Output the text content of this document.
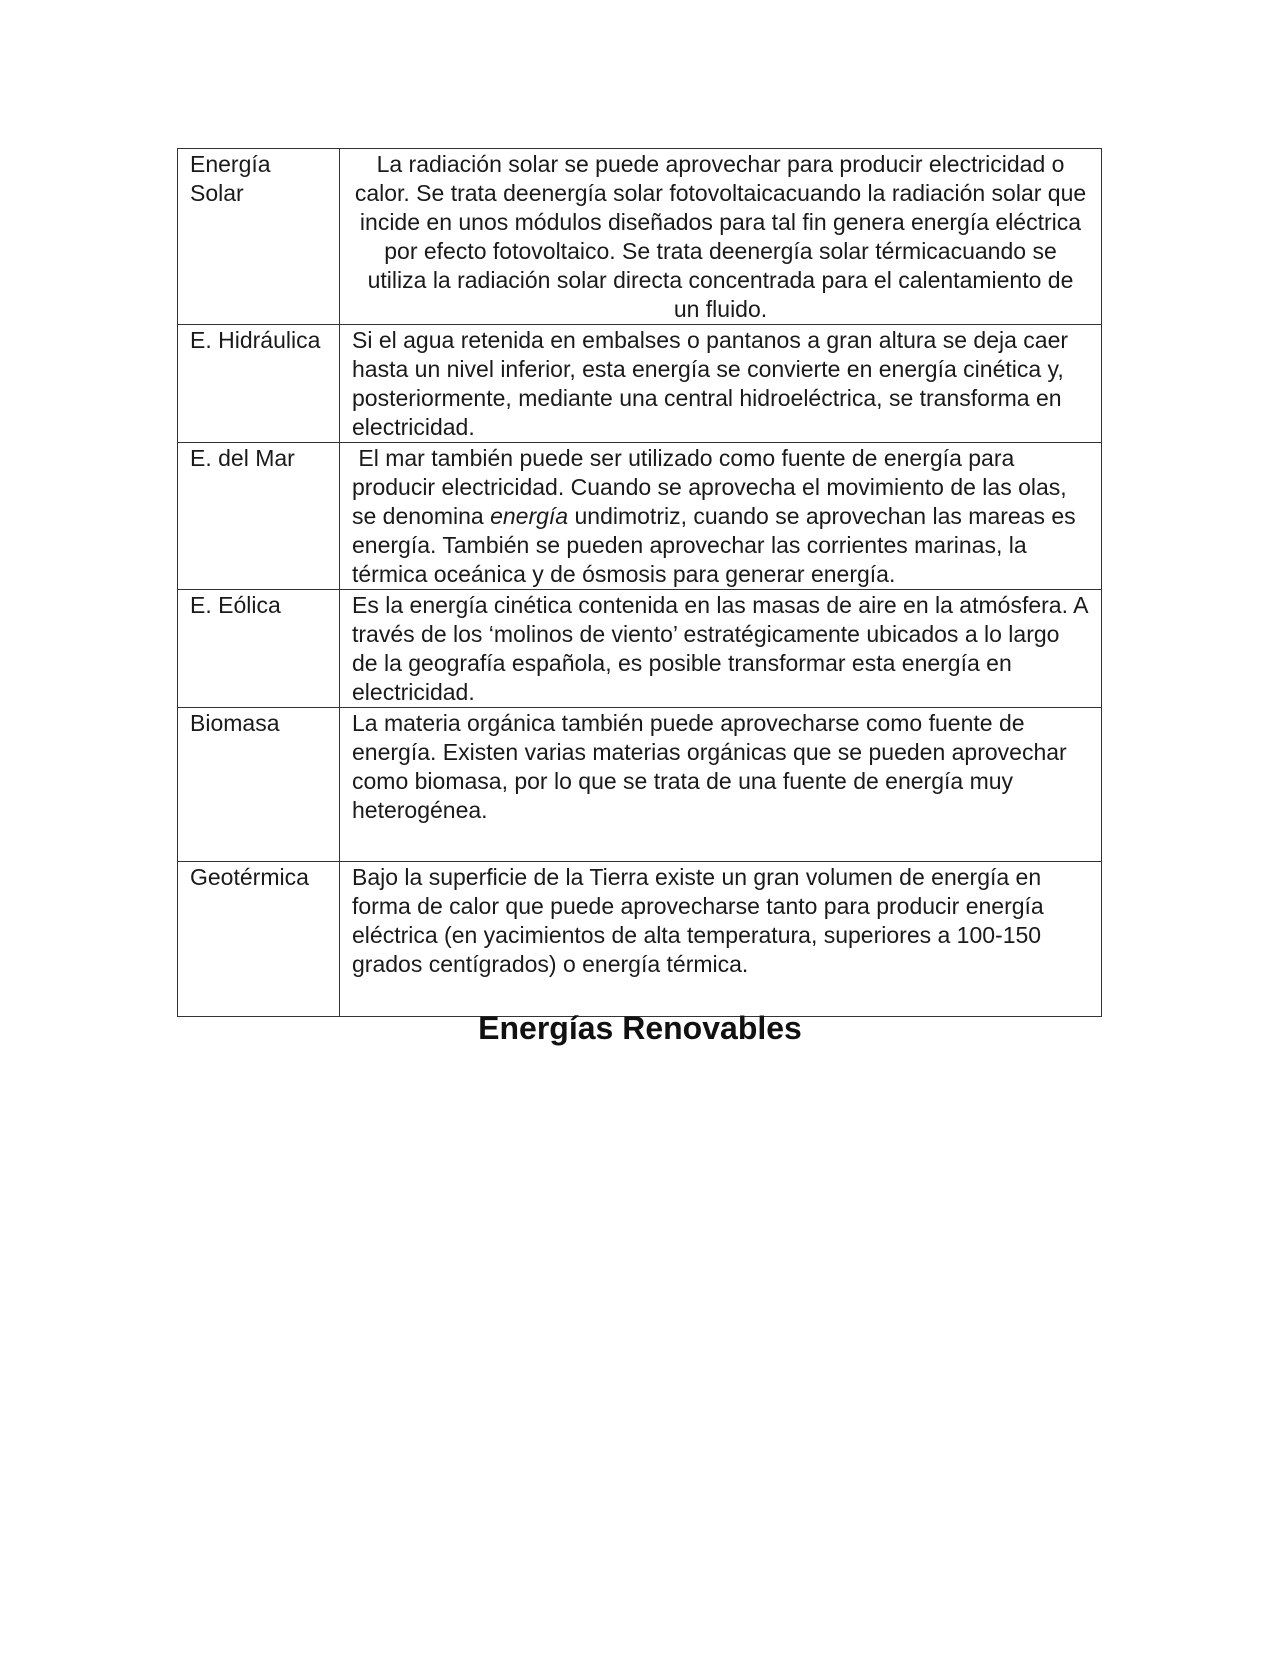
Energía Solar	La radiación solar se puede aprovechar para producir electricidad o calor. Se trata deenergía solar fotovoltaicacuando la radiación solar que incide en unos módulos diseñados para tal fin genera energía eléctrica por efecto fotovoltaico. Se trata deenergía solar térmicacuando se utiliza la radiación solar directa concentrada para el calentamiento de un fluido.
E. Hidráulica	Si el agua retenida en embalses o pantanos a gran altura se deja caer hasta un nivel inferior, esta energía se convierte en energía cinética y, posteriormente, mediante una central hidroeléctrica, se transforma en electricidad.
E. del Mar	El mar también puede ser utilizado como fuente de energía para producir electricidad. Cuando se aprovecha el movimiento de las olas, se denomina energía undimotriz, cuando se aprovechan las mareas es energía. También se pueden aprovechar las corrientes marinas, la térmica oceánica y de ósmosis para generar energía.
E. Eólica	Es la energía cinética contenida en las masas de aire en la atmósfera. A través de los ‘molinos de viento’ estratégicamente ubicados a lo largo de la geografía española, es posible transformar esta energía en electricidad.
Biomasa	La materia orgánica también puede aprovecharse como fuente de energía. Existen varias materias orgánicas que se pueden aprovechar como biomasa, por lo que se trata de una fuente de energía muy heterogénea.
Geotérmica	Bajo la superficie de la Tierra existe un gran volumen de energía en forma de calor que puede aprovecharse tanto para producir energía eléctrica (en yacimientos de alta temperatura, superiores a 100-150 grados centígrados) o energía térmica.
Energías Renovables
